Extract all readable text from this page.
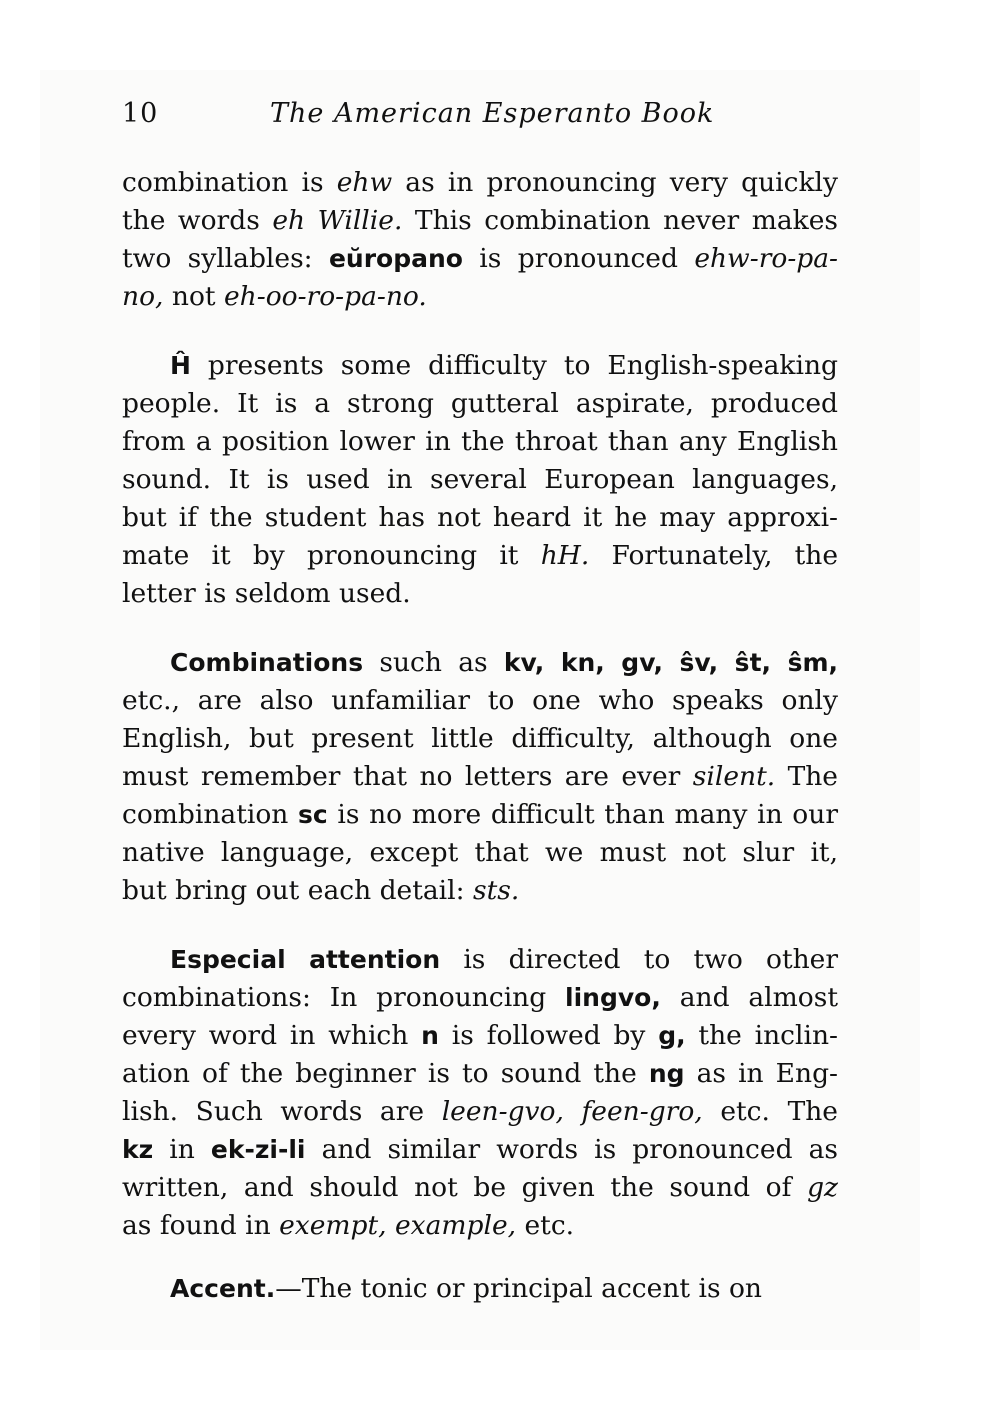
10	The American Esperanto Book
combination is ehw as in pronouncing very quickly
the words eh Willie. This combination never makes
two syllables: eŭropano is pronounced ehw-ro-pa-
no, not eh-oo-ro-pa-no.
Ĥ presents some difficulty to English-speaking
people. It is a strong gutteral aspirate, produced
from a position lower in the throat than any English
sound. It is used in several European languages,
but if the student has not heard it he may approxi-
mate it by pronouncing it hH. Fortunately, the
letter is seldom used.
Combinations such as kv, kn, gv, ŝv, ŝt, ŝm,
etc., are also unfamiliar to one who speaks only
English, but present little difficulty, although one
must remember that no letters are ever silent. The
combination sc is no more difficult than many in our
native language, except that we must not slur it,
but bring out each detail: sts.
Especial attention is directed to two other
combinations: In pronouncing lingvo, and almost
every word in which n is followed by g, the inclin-
ation of the beginner is to sound the ng as in Eng-
lish. Such words are leen-gvo, feen-gro, etc. The
kz in ek-zi-li and similar words is pronounced as
written, and should not be given the sound of gz
as found in exempt, example, etc.
Accent.—The tonic or principal accent is on
